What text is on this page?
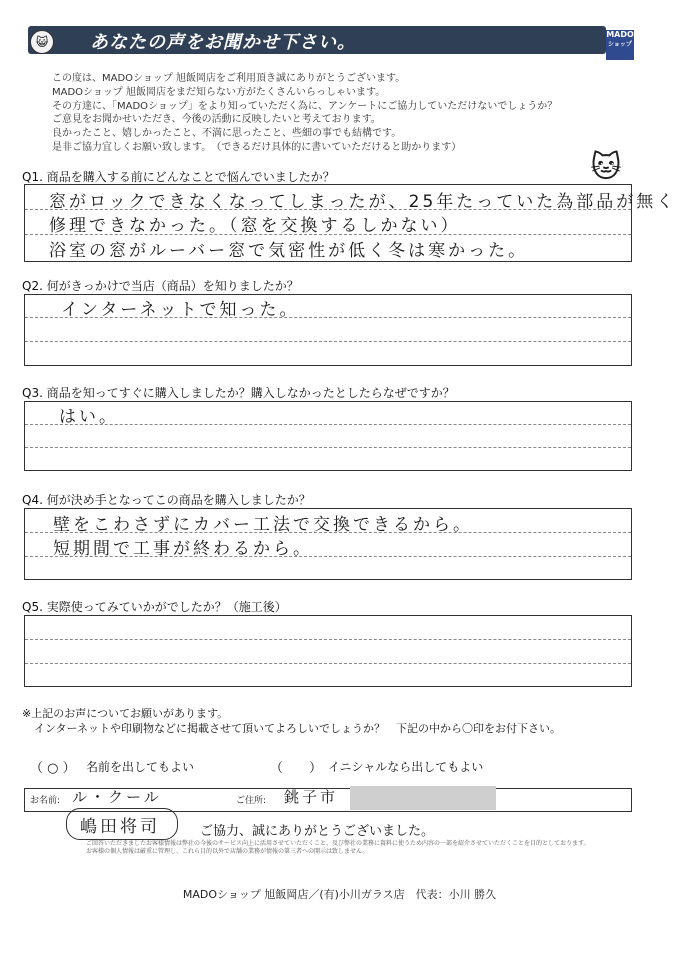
😺	あなたの声をお聞かせ下さい。	MADO
ショップ
この度は、MADOショップ 旭飯岡店をご利用頂き誠にありがとうございます。
MADOショップ 旭飯岡店をまだ知らない方がたくさんいらっしゃいます。
その方達に、「MADOショップ」をより知っていただく為に、アンケートにご協力していただけないでしょうか？
ご意見をお聞かせいただき、今後の活動に反映したいと考えております。
良かったこと、嬉しかったこと、不満に思ったこと、些細の事でも結構です。
是非ご協力宜しくお願い致します。　（できるだけ具体的に書いていただけると助かります）
🐱
Q1. 商品を購入する前にどんなことで悩んでいましたか？
窓がロックできなくなってしまったが、25年たっていた為部品が無く
修理できなかった。（窓を交換するしかない）
浴室の窓がルーバー窓で気密性が低く冬は寒かった。
Q2. 何がきっかけで当店（商品）を知りましたか？
インターネットで知った。
Q3. 商品を知ってすぐに購入しましたか？購入しなかったとしたらなぜですか？
はい。
Q4. 何が決め手となってこの商品を購入しましたか？
壁をこわさずにカバー工法で交換できるから。
短期間で工事が終わるから。
Q5. 実際使ってみていかがでしたか？（施工後）
※上記のお声についてお願いがあります。
インターネットや印刷物などに掲載させて頂いてよろしいでしょうか？　下記の中から〇印をお付下さい。
（ ○ ） 名前を出してもよい	（　　） イニシャルなら出してもよい
お名前: ル・クール	ご住所: 銚子市
嶋田将司	ご協力、誠にありがとうございました。
ご回答いただきましたお客様情報は弊社の今後のサービス向上に活用させていただくこと、及び弊社の業務に資料に使うため内容の一部を紹介させていただくことを目的としております。
お客様の個人情報は厳重に管理し、これら目的以外で店舗の業務が情報の第三者への開示は致しません。
MADOショップ 旭飯岡店／(有)小川ガラス店　代表：小川 勝久
